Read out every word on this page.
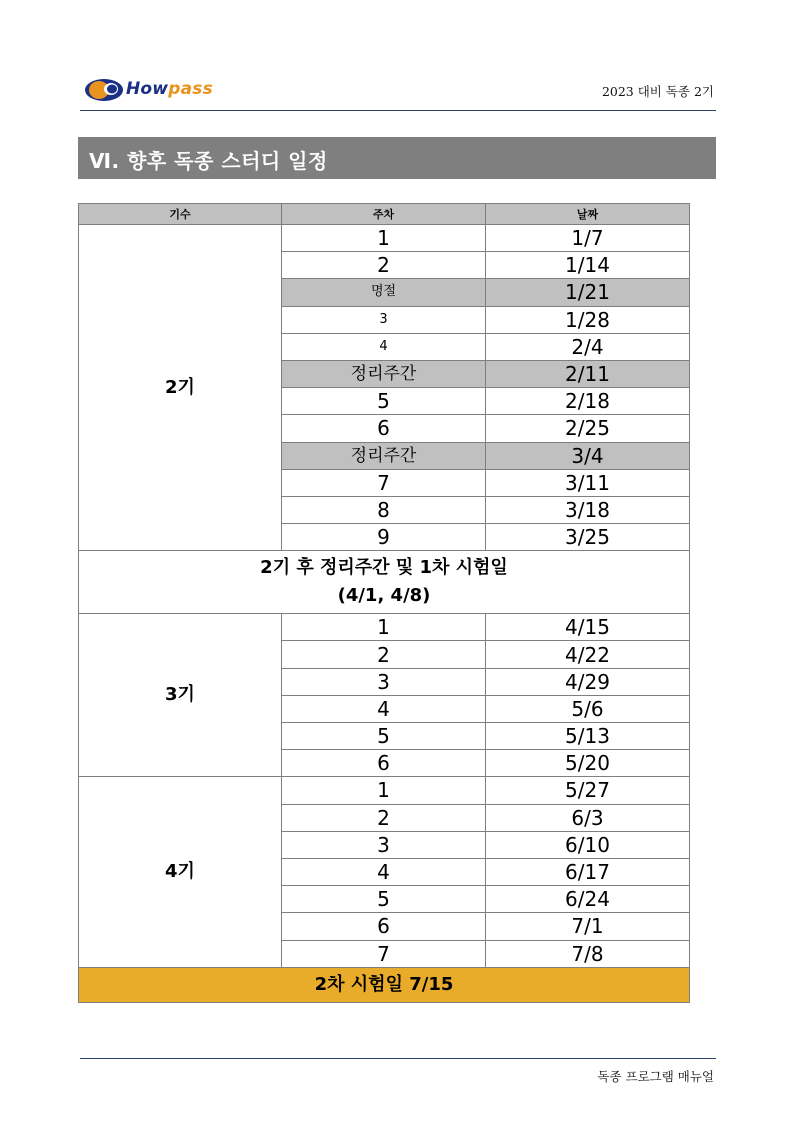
Howpass	2023 대비 독종 2기
Ⅵ. 향후 독종 스터디 일정
기수	주차	날짜
2기	1	1/7
	2	1/14
	명절	1/21
	3	1/28
	4	2/4
	정리주간	2/11
	5	2/18
	6	2/25
	정리주간	3/4
	7	3/11
	8	3/18
	9	3/25

2기 후 정리주간 및 1차 시험일
(4/1, 4/8)		

3기	1	4/15
	2	4/22
	3	4/29
	4	5/6
	5	5/13
	6	5/20
4기	1	5/27
	2	6/3
	3	6/10
	4	6/17
	5	6/24
	6	7/1
	7	7/8
2차 시험일 7/15		
독종 프로그램 매뉴얼
